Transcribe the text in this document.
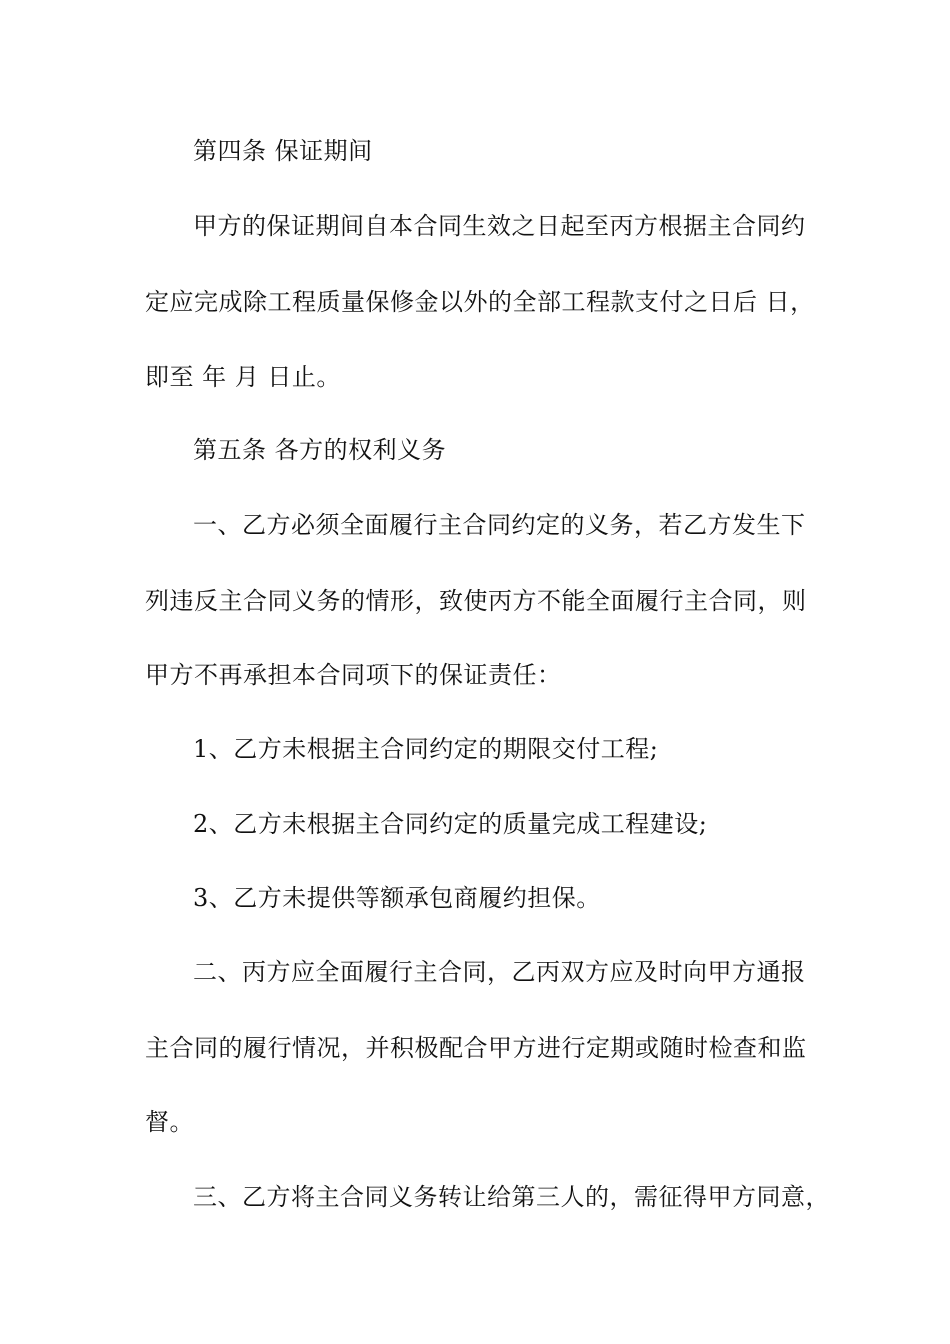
第四条 保证期间
甲方的保证期间自本合同生效之日起至丙方根据主合同约
定应完成除工程质量保修金以外的全部工程款支付之日后 日，
即至 年 月 日止。
第五条 各方的权利义务
一、乙方必须全面履行主合同约定的义务，若乙方发生下
列违反主合同义务的情形，致使丙方不能全面履行主合同，则
甲方不再承担本合同项下的保证责任：
1、乙方未根据主合同约定的期限交付工程;
2、乙方未根据主合同约定的质量完成工程建设;
3、乙方未提供等额承包商履约担保。
二、丙方应全面履行主合同，乙丙双方应及时向甲方通报
主合同的履行情况，并积极配合甲方进行定期或随时检查和监
督。
三、乙方将主合同义务转让给第三人的，需征得甲方同意，
